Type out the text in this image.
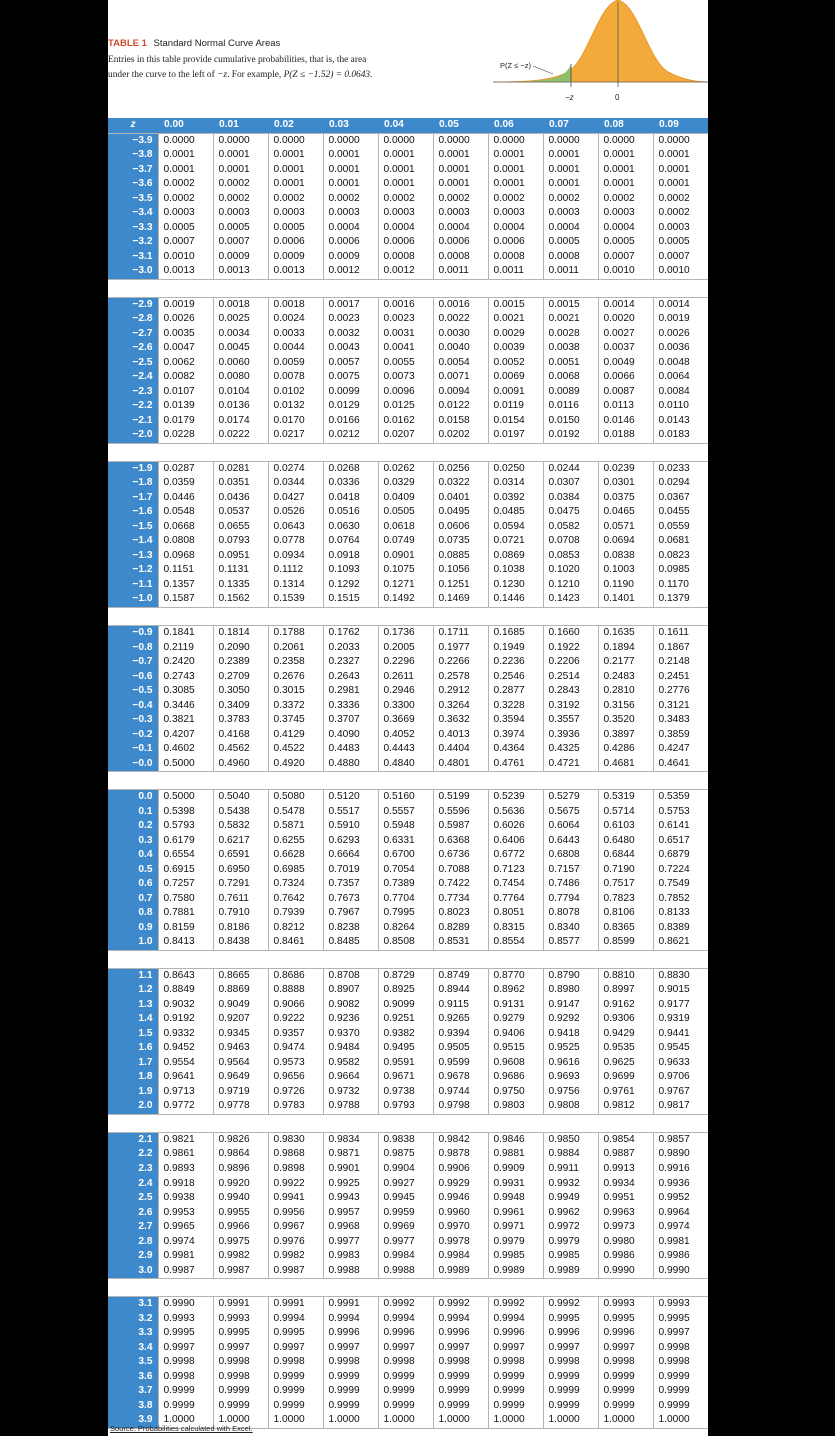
TABLE 1 Standard Normal Curve Areas
Entries in this table provide cumulative probabilities, that is, the area
under the curve to the left of −z. For example, P(Z ≤ −1.52) = 0.0643.
P(Z ≤ −z)
−z	0
z	0.00	0.01	0.02	0.03	0.04	0.05	0.06	0.07	0.08	0.09
−3.9	0.0000	0.0000	0.0000	0.0000	0.0000	0.0000	0.0000	0.0000	0.0000	0.0000
−3.8	0.0001	0.0001	0.0001	0.0001	0.0001	0.0001	0.0001	0.0001	0.0001	0.0001
−3.7	0.0001	0.0001	0.0001	0.0001	0.0001	0.0001	0.0001	0.0001	0.0001	0.0001
−3.6	0.0002	0.0002	0.0001	0.0001	0.0001	0.0001	0.0001	0.0001	0.0001	0.0001
−3.5	0.0002	0.0002	0.0002	0.0002	0.0002	0.0002	0.0002	0.0002	0.0002	0.0002
−3.4	0.0003	0.0003	0.0003	0.0003	0.0003	0.0003	0.0003	0.0003	0.0003	0.0002
−3.3	0.0005	0.0005	0.0005	0.0004	0.0004	0.0004	0.0004	0.0004	0.0004	0.0003
−3.2	0.0007	0.0007	0.0006	0.0006	0.0006	0.0006	0.0006	0.0005	0.0005	0.0005
−3.1	0.0010	0.0009	0.0009	0.0009	0.0008	0.0008	0.0008	0.0008	0.0007	0.0007
−3.0	0.0013	0.0013	0.0013	0.0012	0.0012	0.0011	0.0011	0.0011	0.0010	0.0010

−2.9	0.0019	0.0018	0.0018	0.0017	0.0016	0.0016	0.0015	0.0015	0.0014	0.0014
−2.8	0.0026	0.0025	0.0024	0.0023	0.0023	0.0022	0.0021	0.0021	0.0020	0.0019
−2.7	0.0035	0.0034	0.0033	0.0032	0.0031	0.0030	0.0029	0.0028	0.0027	0.0026
−2.6	0.0047	0.0045	0.0044	0.0043	0.0041	0.0040	0.0039	0.0038	0.0037	0.0036
−2.5	0.0062	0.0060	0.0059	0.0057	0.0055	0.0054	0.0052	0.0051	0.0049	0.0048
−2.4	0.0082	0.0080	0.0078	0.0075	0.0073	0.0071	0.0069	0.0068	0.0066	0.0064
−2.3	0.0107	0.0104	0.0102	0.0099	0.0096	0.0094	0.0091	0.0089	0.0087	0.0084
−2.2	0.0139	0.0136	0.0132	0.0129	0.0125	0.0122	0.0119	0.0116	0.0113	0.0110
−2.1	0.0179	0.0174	0.0170	0.0166	0.0162	0.0158	0.0154	0.0150	0.0146	0.0143
−2.0	0.0228	0.0222	0.0217	0.0212	0.0207	0.0202	0.0197	0.0192	0.0188	0.0183

−1.9	0.0287	0.0281	0.0274	0.0268	0.0262	0.0256	0.0250	0.0244	0.0239	0.0233
−1.8	0.0359	0.0351	0.0344	0.0336	0.0329	0.0322	0.0314	0.0307	0.0301	0.0294
−1.7	0.0446	0.0436	0.0427	0.0418	0.0409	0.0401	0.0392	0.0384	0.0375	0.0367
−1.6	0.0548	0.0537	0.0526	0.0516	0.0505	0.0495	0.0485	0.0475	0.0465	0.0455
−1.5	0.0668	0.0655	0.0643	0.0630	0.0618	0.0606	0.0594	0.0582	0.0571	0.0559
−1.4	0.0808	0.0793	0.0778	0.0764	0.0749	0.0735	0.0721	0.0708	0.0694	0.0681
−1.3	0.0968	0.0951	0.0934	0.0918	0.0901	0.0885	0.0869	0.0853	0.0838	0.0823
−1.2	0.1151	0.1131	0.1112	0.1093	0.1075	0.1056	0.1038	0.1020	0.1003	0.0985
−1.1	0.1357	0.1335	0.1314	0.1292	0.1271	0.1251	0.1230	0.1210	0.1190	0.1170
−1.0	0.1587	0.1562	0.1539	0.1515	0.1492	0.1469	0.1446	0.1423	0.1401	0.1379

−0.9	0.1841	0.1814	0.1788	0.1762	0.1736	0.1711	0.1685	0.1660	0.1635	0.1611
−0.8	0.2119	0.2090	0.2061	0.2033	0.2005	0.1977	0.1949	0.1922	0.1894	0.1867
−0.7	0.2420	0.2389	0.2358	0.2327	0.2296	0.2266	0.2236	0.2206	0.2177	0.2148
−0.6	0.2743	0.2709	0.2676	0.2643	0.2611	0.2578	0.2546	0.2514	0.2483	0.2451
−0.5	0.3085	0.3050	0.3015	0.2981	0.2946	0.2912	0.2877	0.2843	0.2810	0.2776
−0.4	0.3446	0.3409	0.3372	0.3336	0.3300	0.3264	0.3228	0.3192	0.3156	0.3121
−0.3	0.3821	0.3783	0.3745	0.3707	0.3669	0.3632	0.3594	0.3557	0.3520	0.3483
−0.2	0.4207	0.4168	0.4129	0.4090	0.4052	0.4013	0.3974	0.3936	0.3897	0.3859
−0.1	0.4602	0.4562	0.4522	0.4483	0.4443	0.4404	0.4364	0.4325	0.4286	0.4247
−0.0	0.5000	0.4960	0.4920	0.4880	0.4840	0.4801	0.4761	0.4721	0.4681	0.4641

0.0	0.5000	0.5040	0.5080	0.5120	0.5160	0.5199	0.5239	0.5279	0.5319	0.5359
0.1	0.5398	0.5438	0.5478	0.5517	0.5557	0.5596	0.5636	0.5675	0.5714	0.5753
0.2	0.5793	0.5832	0.5871	0.5910	0.5948	0.5987	0.6026	0.6064	0.6103	0.6141
0.3	0.6179	0.6217	0.6255	0.6293	0.6331	0.6368	0.6406	0.6443	0.6480	0.6517
0.4	0.6554	0.6591	0.6628	0.6664	0.6700	0.6736	0.6772	0.6808	0.6844	0.6879
0.5	0.6915	0.6950	0.6985	0.7019	0.7054	0.7088	0.7123	0.7157	0.7190	0.7224
0.6	0.7257	0.7291	0.7324	0.7357	0.7389	0.7422	0.7454	0.7486	0.7517	0.7549
0.7	0.7580	0.7611	0.7642	0.7673	0.7704	0.7734	0.7764	0.7794	0.7823	0.7852
0.8	0.7881	0.7910	0.7939	0.7967	0.7995	0.8023	0.8051	0.8078	0.8106	0.8133
0.9	0.8159	0.8186	0.8212	0.8238	0.8264	0.8289	0.8315	0.8340	0.8365	0.8389
1.0	0.8413	0.8438	0.8461	0.8485	0.8508	0.8531	0.8554	0.8577	0.8599	0.8621

1.1	0.8643	0.8665	0.8686	0.8708	0.8729	0.8749	0.8770	0.8790	0.8810	0.8830
1.2	0.8849	0.8869	0.8888	0.8907	0.8925	0.8944	0.8962	0.8980	0.8997	0.9015
1.3	0.9032	0.9049	0.9066	0.9082	0.9099	0.9115	0.9131	0.9147	0.9162	0.9177
1.4	0.9192	0.9207	0.9222	0.9236	0.9251	0.9265	0.9279	0.9292	0.9306	0.9319
1.5	0.9332	0.9345	0.9357	0.9370	0.9382	0.9394	0.9406	0.9418	0.9429	0.9441
1.6	0.9452	0.9463	0.9474	0.9484	0.9495	0.9505	0.9515	0.9525	0.9535	0.9545
1.7	0.9554	0.9564	0.9573	0.9582	0.9591	0.9599	0.9608	0.9616	0.9625	0.9633
1.8	0.9641	0.9649	0.9656	0.9664	0.9671	0.9678	0.9686	0.9693	0.9699	0.9706
1.9	0.9713	0.9719	0.9726	0.9732	0.9738	0.9744	0.9750	0.9756	0.9761	0.9767
2.0	0.9772	0.9778	0.9783	0.9788	0.9793	0.9798	0.9803	0.9808	0.9812	0.9817

2.1	0.9821	0.9826	0.9830	0.9834	0.9838	0.9842	0.9846	0.9850	0.9854	0.9857
2.2	0.9861	0.9864	0.9868	0.9871	0.9875	0.9878	0.9881	0.9884	0.9887	0.9890
2.3	0.9893	0.9896	0.9898	0.9901	0.9904	0.9906	0.9909	0.9911	0.9913	0.9916
2.4	0.9918	0.9920	0.9922	0.9925	0.9927	0.9929	0.9931	0.9932	0.9934	0.9936
2.5	0.9938	0.9940	0.9941	0.9943	0.9945	0.9946	0.9948	0.9949	0.9951	0.9952
2.6	0.9953	0.9955	0.9956	0.9957	0.9959	0.9960	0.9961	0.9962	0.9963	0.9964
2.7	0.9965	0.9966	0.9967	0.9968	0.9969	0.9970	0.9971	0.9972	0.9973	0.9974
2.8	0.9974	0.9975	0.9976	0.9977	0.9977	0.9978	0.9979	0.9979	0.9980	0.9981
2.9	0.9981	0.9982	0.9982	0.9983	0.9984	0.9984	0.9985	0.9985	0.9986	0.9986
3.0	0.9987	0.9987	0.9987	0.9988	0.9988	0.9989	0.9989	0.9989	0.9990	0.9990

3.1	0.9990	0.9991	0.9991	0.9991	0.9992	0.9992	0.9992	0.9992	0.9993	0.9993
3.2	0.9993	0.9993	0.9994	0.9994	0.9994	0.9994	0.9994	0.9995	0.9995	0.9995
3.3	0.9995	0.9995	0.9995	0.9996	0.9996	0.9996	0.9996	0.9996	0.9996	0.9997
3.4	0.9997	0.9997	0.9997	0.9997	0.9997	0.9997	0.9997	0.9997	0.9997	0.9998
3.5	0.9998	0.9998	0.9998	0.9998	0.9998	0.9998	0.9998	0.9998	0.9998	0.9998
3.6	0.9998	0.9998	0.9999	0.9999	0.9999	0.9999	0.9999	0.9999	0.9999	0.9999
3.7	0.9999	0.9999	0.9999	0.9999	0.9999	0.9999	0.9999	0.9999	0.9999	0.9999
3.8	0.9999	0.9999	0.9999	0.9999	0.9999	0.9999	0.9999	0.9999	0.9999	0.9999
3.9	1.0000	1.0000	1.0000	1.0000	1.0000	1.0000	1.0000	1.0000	1.0000	1.0000
Source: Probabilities calculated with Excel.
